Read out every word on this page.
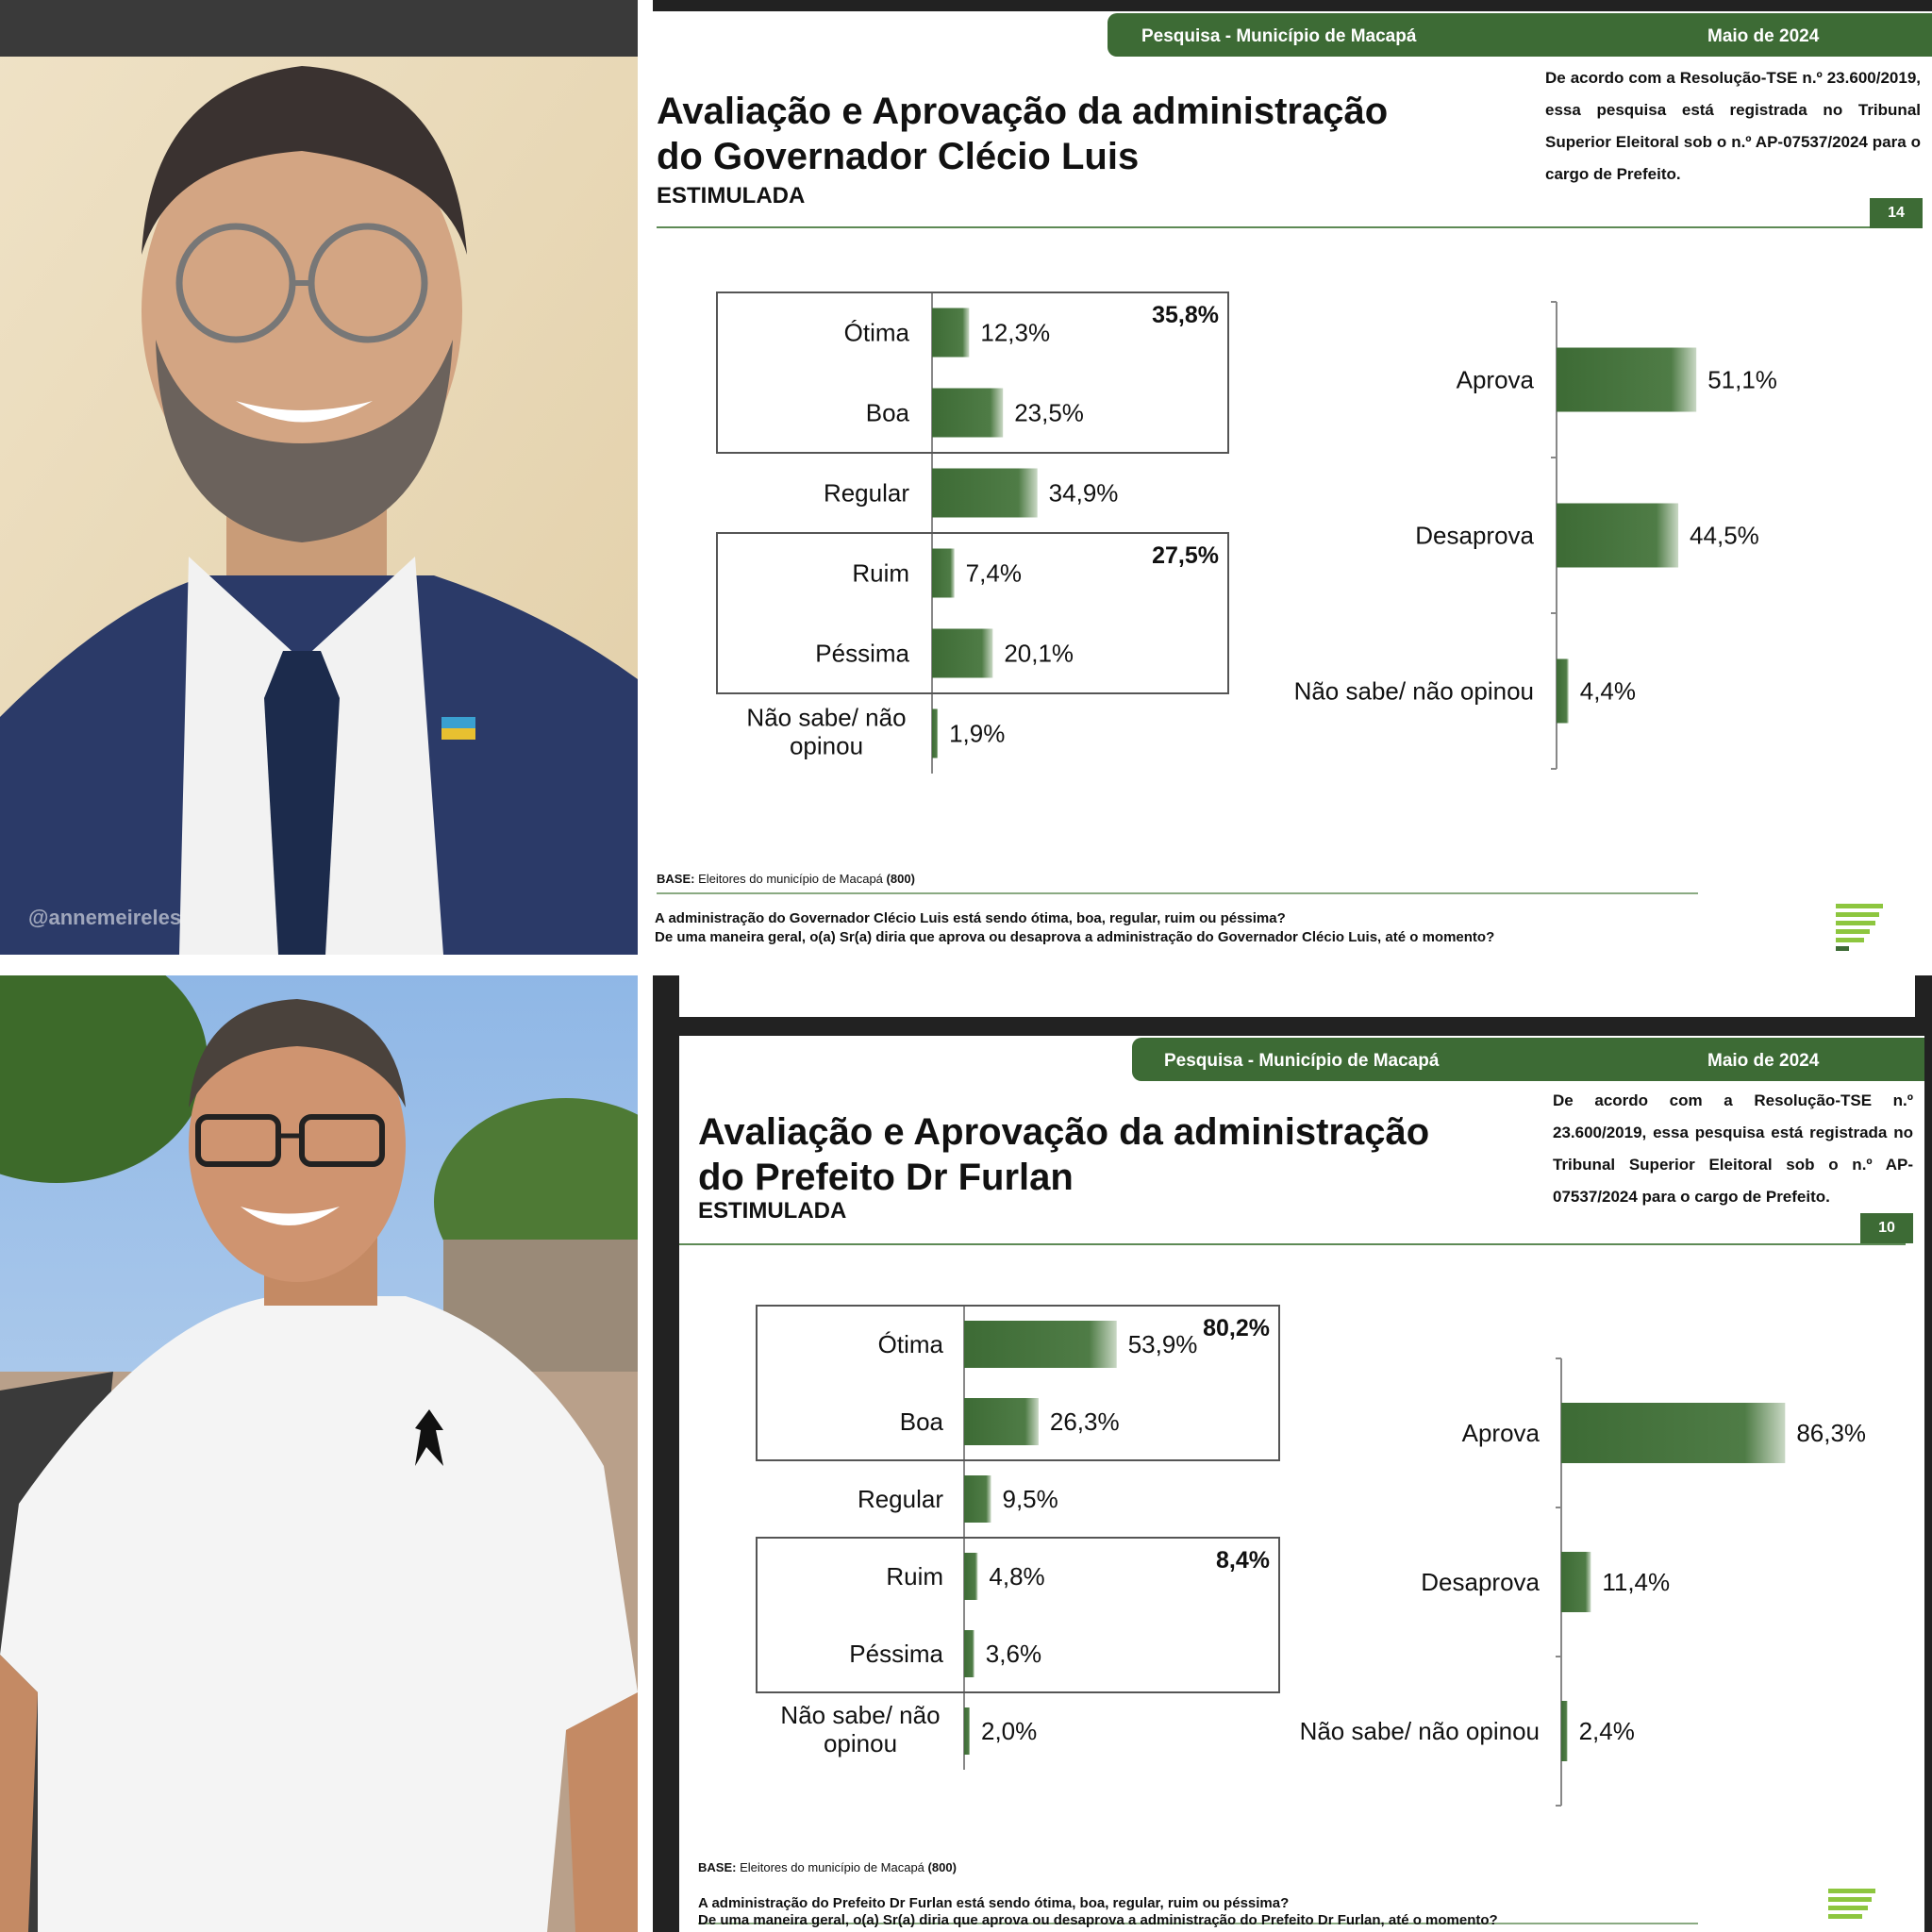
@annemeireles
Pesquisa - Município de Macapá	Maio de 2024
Avaliação e Aprovação da administração
do Governador Clécio Luis
ESTIMULADA
De acordo com a Resolução-TSE n.º 23.600/2019, essa pesquisa está registrada no Tribunal Superior Eleitoral sob o n.º AP-07537/2024 para o cargo de Prefeito.
14
35,8%
27,5%
12,3%
Ótima
23,5%
Boa
34,9%
Regular
7,4%
Ruim
20,1%
Péssima
1,9%
Não sabe/ não opinou
51,1%
Aprova
44,5%
Desaprova
4,4%
Não sabe/ não opinou
BASE: Eleitores do município de Macapá (800)
A administração do Governador Clécio Luis está sendo ótima, boa, regular, ruim ou péssima?
De uma maneira geral, o(a) Sr(a) diria que aprova ou desaprova a administração do Governador Clécio Luis, até o momento?
Pesquisa - Município de Macapá	Maio de 2024
Avaliação e Aprovação da administração
do Prefeito Dr Furlan
ESTIMULADA
De acordo com a Resolução-TSE n.º 23.600/2019, essa pesquisa está registrada no Tribunal Superior Eleitoral sob o n.º AP-07537/2024 para o cargo de Prefeito.
10
80,2%
8,4%
53,9%
Ótima
26,3%
Boa
9,5%
Regular
4,8%
Ruim
3,6%
Péssima
2,0%
Não sabe/ não opinou
86,3%
Aprova
11,4%
Desaprova
2,4%
Não sabe/ não opinou
BASE: Eleitores do município de Macapá (800)
A administração do Prefeito Dr Furlan está sendo ótima, boa, regular, ruim ou péssima?
De uma maneira geral, o(a) Sr(a) diria que aprova ou desaprova a administração do Prefeito Dr Furlan, até o momento?
